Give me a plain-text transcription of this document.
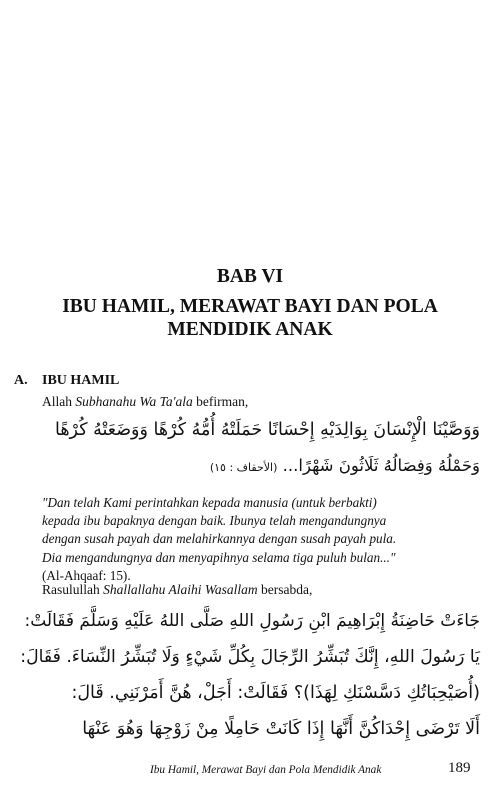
BAB VI
IBU HAMIL, MERAWAT BAYI DAN POLA
MENDIDIK ANAK
A. IBU HAMIL
Allah Subhanahu Wa Ta'ala befirman,
وَوَصَّيْنَا الْإِنْسَانَ بِوَالِدَيْهِ إِحْسَانًا حَمَلَتْهُ أُمُّهُ كُرْهًا وَوَضَعَتْهُ كُرْهًا
وَحَمْلُهُ وَفِصَالُهُ ثَلَاثُونَ شَهْرًا... (الأحقاف : ١٥)

"Dan telah Kami perintahkan kepada manusia (untuk berbakti)

kepada ibu bapaknya dengan baik. Ibunya telah mengandungnya

dengan susah payah dan melahirkannya dengan susah payah pula.

Dia mengandungnya dan menyapihnya selama tiga puluh bulan..."

(Al-Ahqaaf: 15).

Rasulullah Shallallahu Alaihi Wasallam bersabda,
جَاءَتْ حَاضِنَةُ إِبْرَاهِيمَ ابْنِ رَسُولِ اللهِ صَلَّى اللهُ عَلَيْهِ وَسَلَّمَ فَقَالَتْ:
يَا رَسُولَ اللهِ، إِنَّكَ تُبَشِّرُ الرِّجَالَ بِكُلِّ شَيْءٍ وَلَا تُبَشِّرُ النِّسَاءَ. فَقَالَ:
(أُصَيْحِبَاتُكِ دَسَّسْنَكِ لِهَذَا)؟ فَقَالَتْ: أَجَلْ، هُنَّ أَمَرْنَنِي. قَالَ:
أَلَا تَرْضَى إِحْدَاكُنَّ أَنَّهَا إِذَا كَانَتْ حَامِلًا مِنْ زَوْجِهَا وَهُوَ عَنْهَا
Ibu Hamil, Merawat Bayi dan Pola Mendidik Anak	189
